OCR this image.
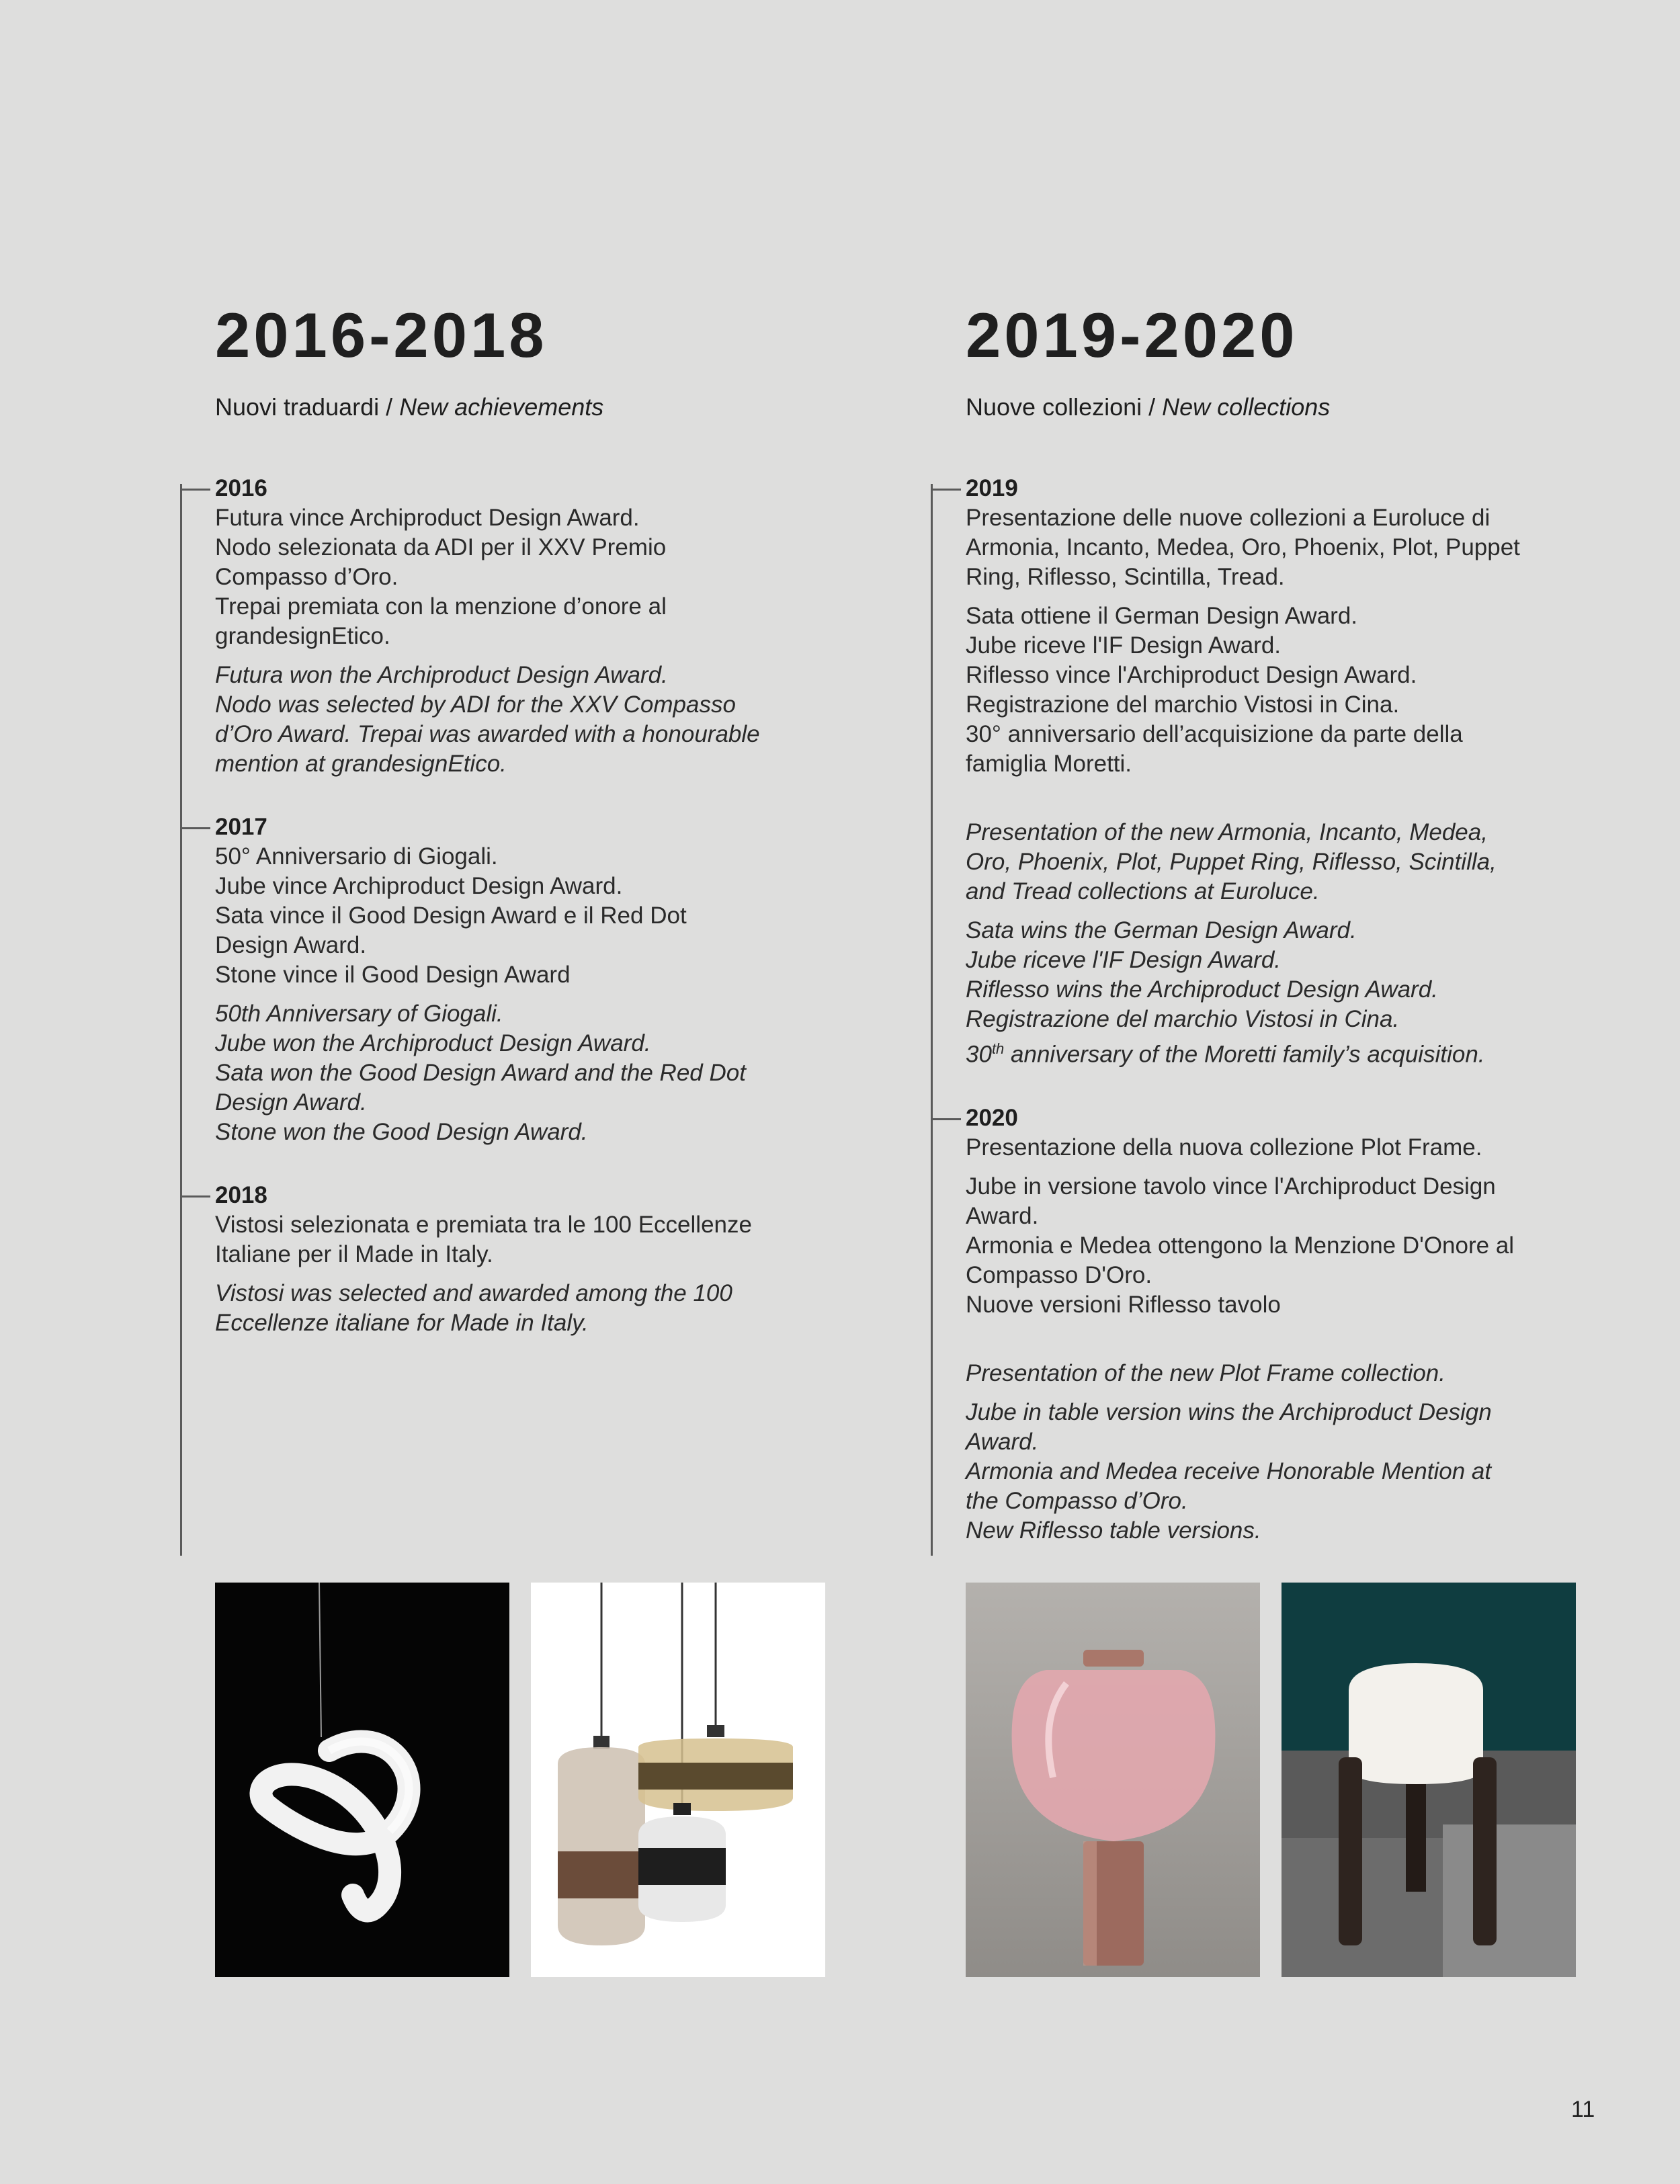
2016-2018
Nuovi traduardi / New achievements
2016

Futura vince Archiproduct Design Award.
Nodo selezionata da ADI per il XXV Premio
Compasso d’Oro.
Trepai premiata con la menzione d’onore al
grandesignEtico.

Futura won the Archiproduct Design Award.
Nodo was selected by ADI for the XXV Compasso
d’Oro Award. Trepai was awarded with a honourable
mention at grandesignEtico.

2017

50° Anniversario di Giogali.
Jube vince Archiproduct Design Award.
Sata vince il Good Design Award e il Red Dot
Design Award.
Stone vince il Good Design Award

50th Anniversary of Giogali.
Jube won the Archiproduct Design Award.
Sata won the Good Design Award and the Red Dot
Design Award.
Stone won the Good Design Award.

2018

Vistosi selezionata e premiata tra le 100 Eccellenze
Italiane per il Made in Italy.

Vistosi was selected and awarded among the 100
Eccellenze italiane for Made in Italy.

2019-2020
Nuove collezioni / New collections
2019

Presentazione delle nuove collezioni a Euroluce di
Armonia, Incanto, Medea, Oro, Phoenix, Plot, Puppet
Ring, Riflesso, Scintilla, Tread.

Sata ottiene il German Design Award.
Jube riceve l'IF Design Award.
Riflesso vince l'Archiproduct Design Award.
Registrazione del marchio Vistosi in Cina.
30° anniversario dell’acquisizione da parte della
famiglia Moretti.

Presentation of the new Armonia, Incanto, Medea,
Oro, Phoenix, Plot, Puppet Ring, Riflesso, Scintilla,
and Tread collections at Euroluce.

Sata wins the German Design Award.
Jube riceve l'IF Design Award.
Riflesso wins the Archiproduct Design Award.
Registrazione del marchio Vistosi in Cina.

30th anniversary of the Moretti family’s acquisition.

2020

Presentazione della nuova collezione Plot Frame.

Jube in versione tavolo vince l'Archiproduct Design
Award.
Armonia e Medea ottengono la Menzione D'Onore al
Compasso D'Oro.
Nuove versioni Riflesso tavolo

Presentation of the new Plot Frame collection.

Jube in table version wins the Archiproduct Design
Award.
Armonia and Medea receive Honorable Mention at
the Compasso d’Oro.
New Riflesso table versions.

11
